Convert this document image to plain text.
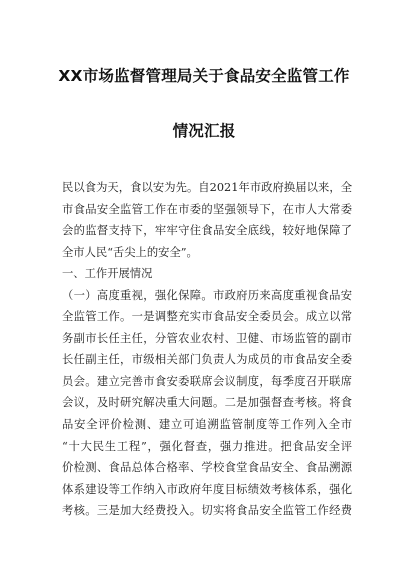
XX市场监督管理局关于食品安全监管工作
情况汇报
民以食为天，食以安为先。自2021年市政府换届以来，全
市食品安全监管工作在市委的坚强领导下，在市人大常委
会的监督支持下，牢牢守住食品安全底线，较好地保障了
全市人民“舌尖上的安全”。
一、工作开展情况
（一）高度重视，强化保障。市政府历来高度重视食品安
全监管工作。一是调整充实市食品安全委员会。成立以常
务副市长任主任，分管农业农村、卫健、市场监管的副市
长任副主任，市级相关部门负责人为成员的市食品安全委
员会。建立完善市食安委联席会议制度，每季度召开联席
会议，及时研究解决重大问题。二是加强督查考核。将食
品安全评价检测、建立可追溯监管制度等工作列入全市
“十大民生工程”，强化督查，强力推进。把食品安全评
价检测、食品总体合格率、学校食堂食品安全、食品溯源
体系建设等工作纳入市政府年度目标绩效考核体系，强化
考核。三是加大经费投入。切实将食品安全监管工作经费
